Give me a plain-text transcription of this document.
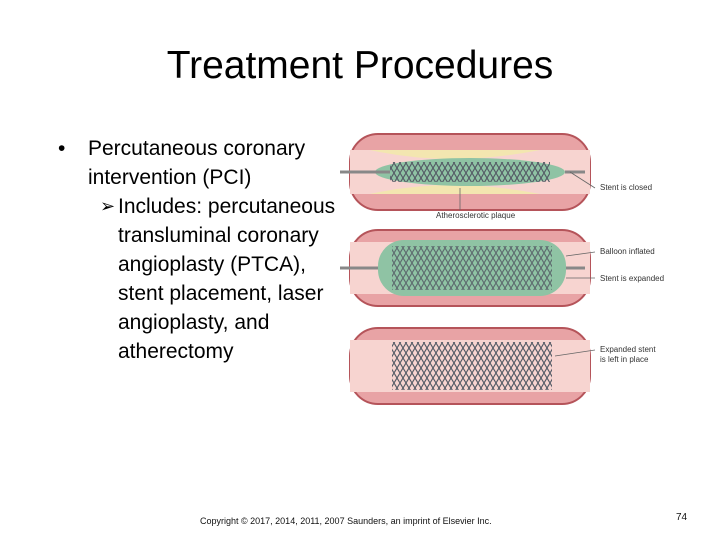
Treatment Procedures
• Percutaneous coronary intervention (PCI)
➢ Includes: percutaneous transluminal coronary angioplasty (PTCA), stent placement, laser angioplasty, and atherectomy
Atherosclerotic plaque
Stent is closed
Balloon inflated
Stent is expanded
Expanded stent
is left in place
Copyright © 2017, 2014, 2011, 2007 Saunders, an imprint of Elsevier Inc.	74
